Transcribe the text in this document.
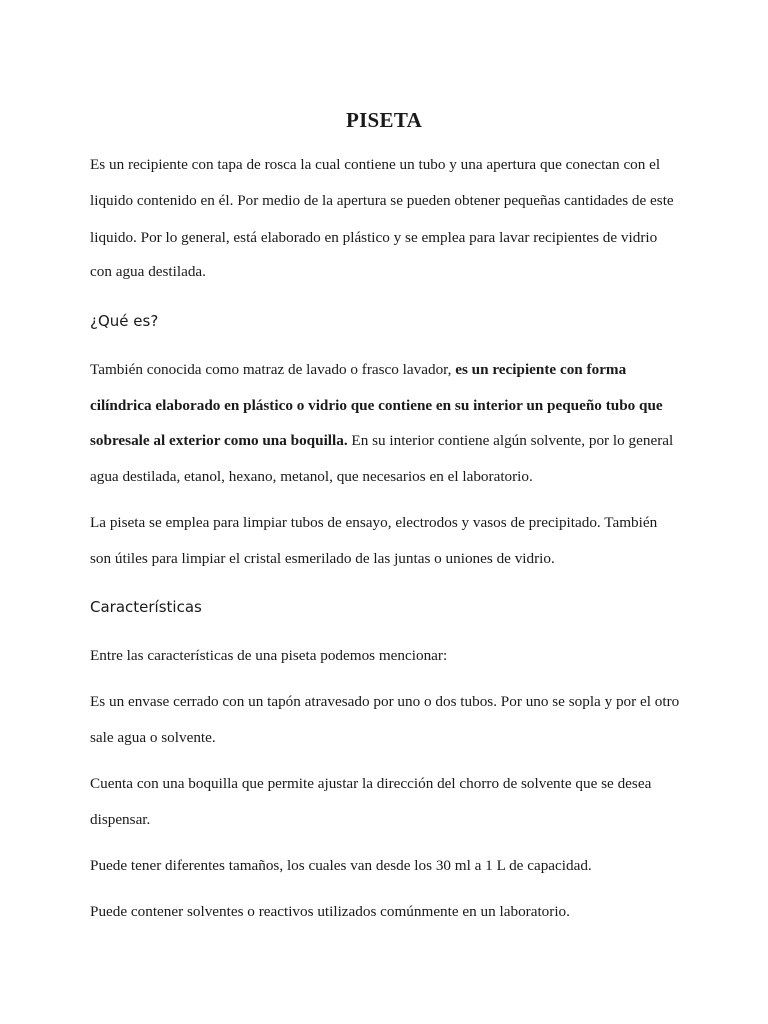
PISETA
Es un recipiente con tapa de rosca la cual contiene un tubo y una apertura que conectan con el
liquido contenido en él. Por medio de la apertura se pueden obtener pequeñas cantidades de este
liquido. Por lo general, está elaborado en plástico y se emplea para lavar recipientes de vidrio
con agua destilada.
¿Qué es?
También conocida como matraz de lavado o frasco lavador, es un recipiente con forma
cilíndrica elaborado en plástico o vidrio que contiene en su interior un pequeño tubo que
sobresale al exterior como una boquilla. En su interior contiene algún solvente, por lo general
agua destilada, etanol, hexano, metanol, que necesarios en el laboratorio.
La piseta se emplea para limpiar tubos de ensayo, electrodos y vasos de precipitado. También
son útiles para limpiar el cristal esmerilado de las juntas o uniones de vidrio.
Características
Entre las características de una piseta podemos mencionar:
Es un envase cerrado con un tapón atravesado por uno o dos tubos. Por uno se sopla y por el otro
sale agua o solvente.
Cuenta con una boquilla que permite ajustar la dirección del chorro de solvente que se desea
dispensar.
Puede tener diferentes tamaños, los cuales van desde los 30 ml a 1 L de capacidad.
Puede contener solventes o reactivos utilizados comúnmente en un laboratorio.
